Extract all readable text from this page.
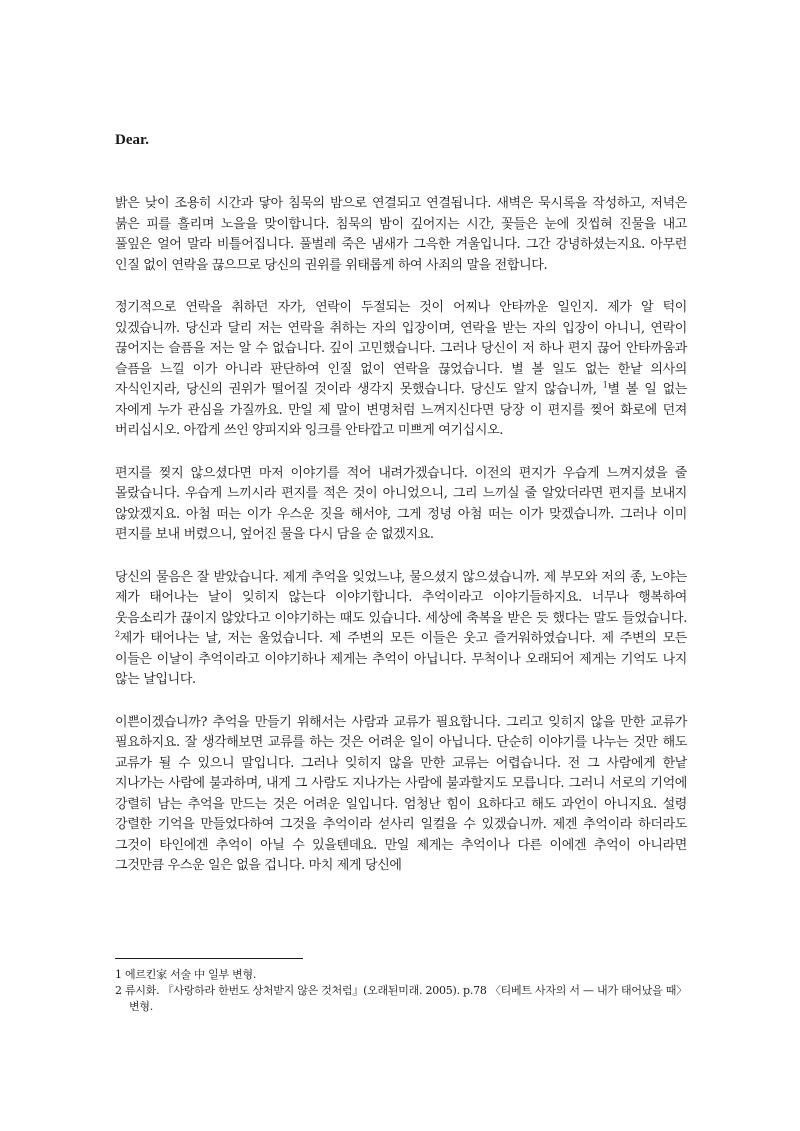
Dear.

밝은 낮이 조용히 시간과 닿아 침묵의 밤으로 연결되고 연결됩니다. 새벽은 묵시록을 작성하고, 저녁은 붉은 피를 흘리며 노을을 맞이합니다. 침묵의 밤이 깊어지는 시간, 꽃들은 눈에 짓씹혀 진물을 내고 풀잎은 얼어 말라 비틀어집니다. 풀벌레 죽은 냄새가 그윽한 겨울입니다. 그간 강녕하셨는지요. 아무런 인질 없이 연락을 끊으므로 당신의 권위를 위태롭게 하여 사죄의 말을 전합니다.

정기적으로 연락을 취하던 자가, 연락이 두절되는 것이 어찌나 안타까운 일인지. 제가 알 턱이 있겠습니까. 당신과 달리 저는 연락을 취하는 자의 입장이며, 연락을 받는 자의 입장이 아니니, 연락이 끊어지는 슬픔을 저는 알 수 없습니다. 깊이 고민했습니다. 그러나 당신이 저 하나 편지 끊어 안타까움과 슬픔을 느낄 이가 아니라 판단하여 인질 없이 연락을 끊었습니다. 별 볼 일도 없는 한낱 의사의 자식인지라, 당신의 권위가 떨어질 것이라 생각지 못했습니다. 당신도 알지 않습니까, $^1$별 볼 일 없는 자에게 누가 관심을 가질까요. 만일 제 말이 변명처럼 느껴지신다면 당장 이 편지를 찢어 화로에 던져 버리십시오. 아깝게 쓰인 양피지와 잉크를 안타깝고 미쁘게 여기십시오.

편지를 찢지 않으셨다면 마저 이야기를 적어 내려가겠습니다. 이전의 편지가 우습게 느껴지셨을 줄 몰랐습니다. 우습게 느끼시라 편지를 적은 것이 아니었으니, 그리 느끼실 줄 알았더라면 편지를 보내지 않았겠지요. 아첨 떠는 이가 우스운 짓을 해서야, 그게 정녕 아첨 떠는 이가 맞겠습니까. 그러나 이미 편지를 보내 버렸으니, 엎어진 물을 다시 담을 순 없겠지요.

당신의 물음은 잘 받았습니다. 제게 추억을 잊었느냐, 물으셨지 않으셨습니까. 제 부모와 저의 종, 노야는 제가 태어나는 날이 잊히지 않는다 이야기합니다. 추억이라고 이야기들하지요. 너무나 행복하여 웃음소리가 끊이지 않았다고 이야기하는 때도 있습니다. 세상에 축복을 받은 듯 했다는 말도 들었습니다. $^2$제가 태어나는 날, 저는 울었습니다. 제 주변의 모든 이들은 웃고 즐거워하였습니다. 제 주변의 모든 이들은 이날이 추억이라고 이야기하나 제게는 추억이 아닙니다. 무척이나 오래되어 제게는 기억도 나지 않는 날입니다.

이쁜이겠습니까? 추억을 만들기 위해서는 사람과 교류가 필요합니다. 그리고 잊히지 않을 만한 교류가 필요하지요. 잘 생각해보면 교류를 하는 것은 어려운 일이 아닙니다. 단순히 이야기를 나누는 것만 해도 교류가 될 수 있으니 말입니다. 그러나 잊히지 않을 만한 교류는 어렵습니다. 전 그 사람에게 한낱 지나가는 사람에 불과하며, 내게 그 사람도 지나가는 사람에 불과할지도 모릅니다. 그러니 서로의 기억에 강렬히 남는 추억을 만드는 것은 어려운 일입니다. 엄청난 힘이 요하다고 해도 과언이 아니지요. 설령 강렬한 기억을 만들었다하여 그것을 추억이라 섣사리 일컬을 수 있겠습니까. 제겐 추억이라 하더라도 그것이 타인에겐 추억이 아닐 수 있을텐데요. 만일 제게는 추억이나 다른 이에겐 추억이 아니라면 그것만큼 우스운 일은 없을 겁니다. 마치 제게 당신에

1 에르킨家 서술 中 일부 변형.

2 류시화. 『사랑하라 한번도 상처받지 않은 것처럼』(오래된미래. 2005). p.78 〈티베트 사자의 서 — 내가 태어났을 때〉 변형.
